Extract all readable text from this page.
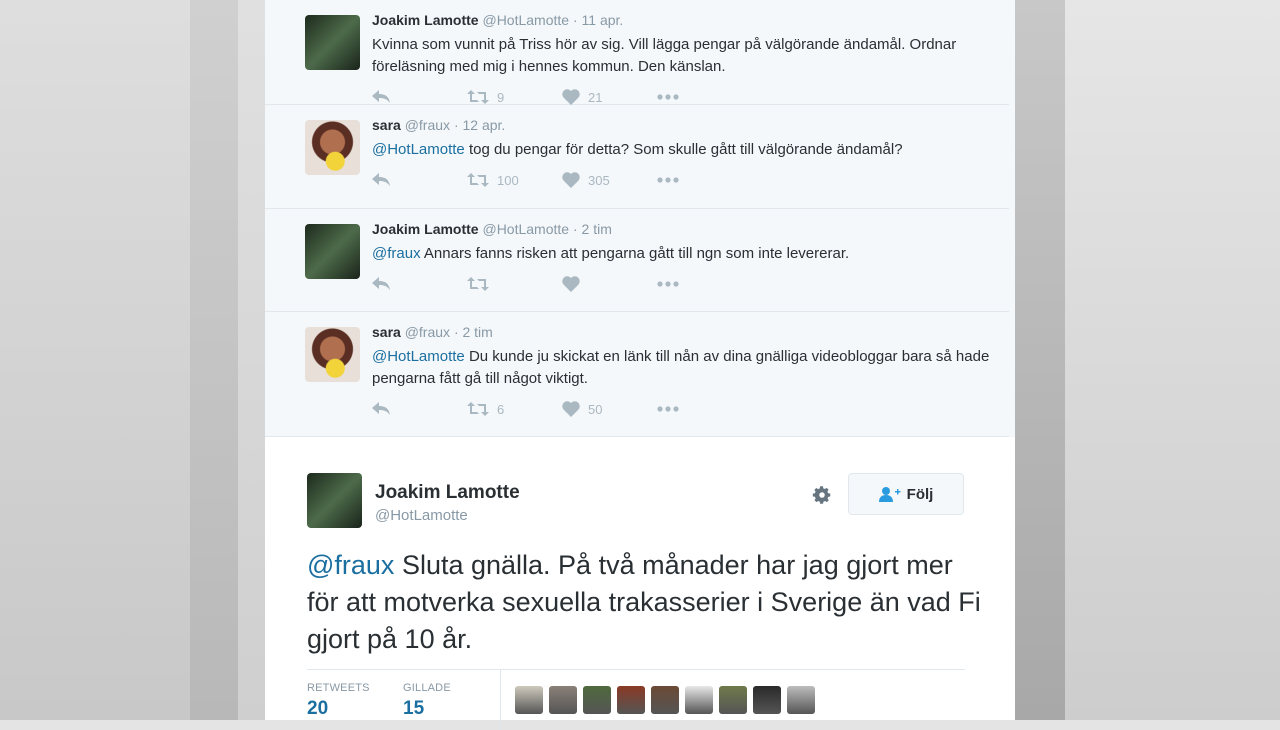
Joakim Lamotte @HotLamotte · 11 apr.
Kvinna som vunnit på Triss hör av sig. Vill lägga pengar på välgörande ändamål. Ordnar föreläsning med mig i hennes kommun. Den känslan.
9	21
sara @fraux · 12 apr.
@HotLamotte tog du pengar för detta? Som skulle gått till välgörande ändamål?
100	305
Joakim Lamotte @HotLamotte · 2 tim
@fraux Annars fanns risken att pengarna gått till ngn som inte levererar.
sara @fraux · 2 tim
@HotLamotte Du kunde ju skickat en länk till nån av dina gnälliga videobloggar bara så hade pengarna fått gå till något viktigt.
6	50
Joakim Lamotte
@HotLamotte
Följ
@fraux Sluta gnälla. På två månader har jag gjort mer för att motverka sexuella trakasserier i Sverige än vad Fi gjort på 10 år.
RETWEETS
20
GILLADE
15
